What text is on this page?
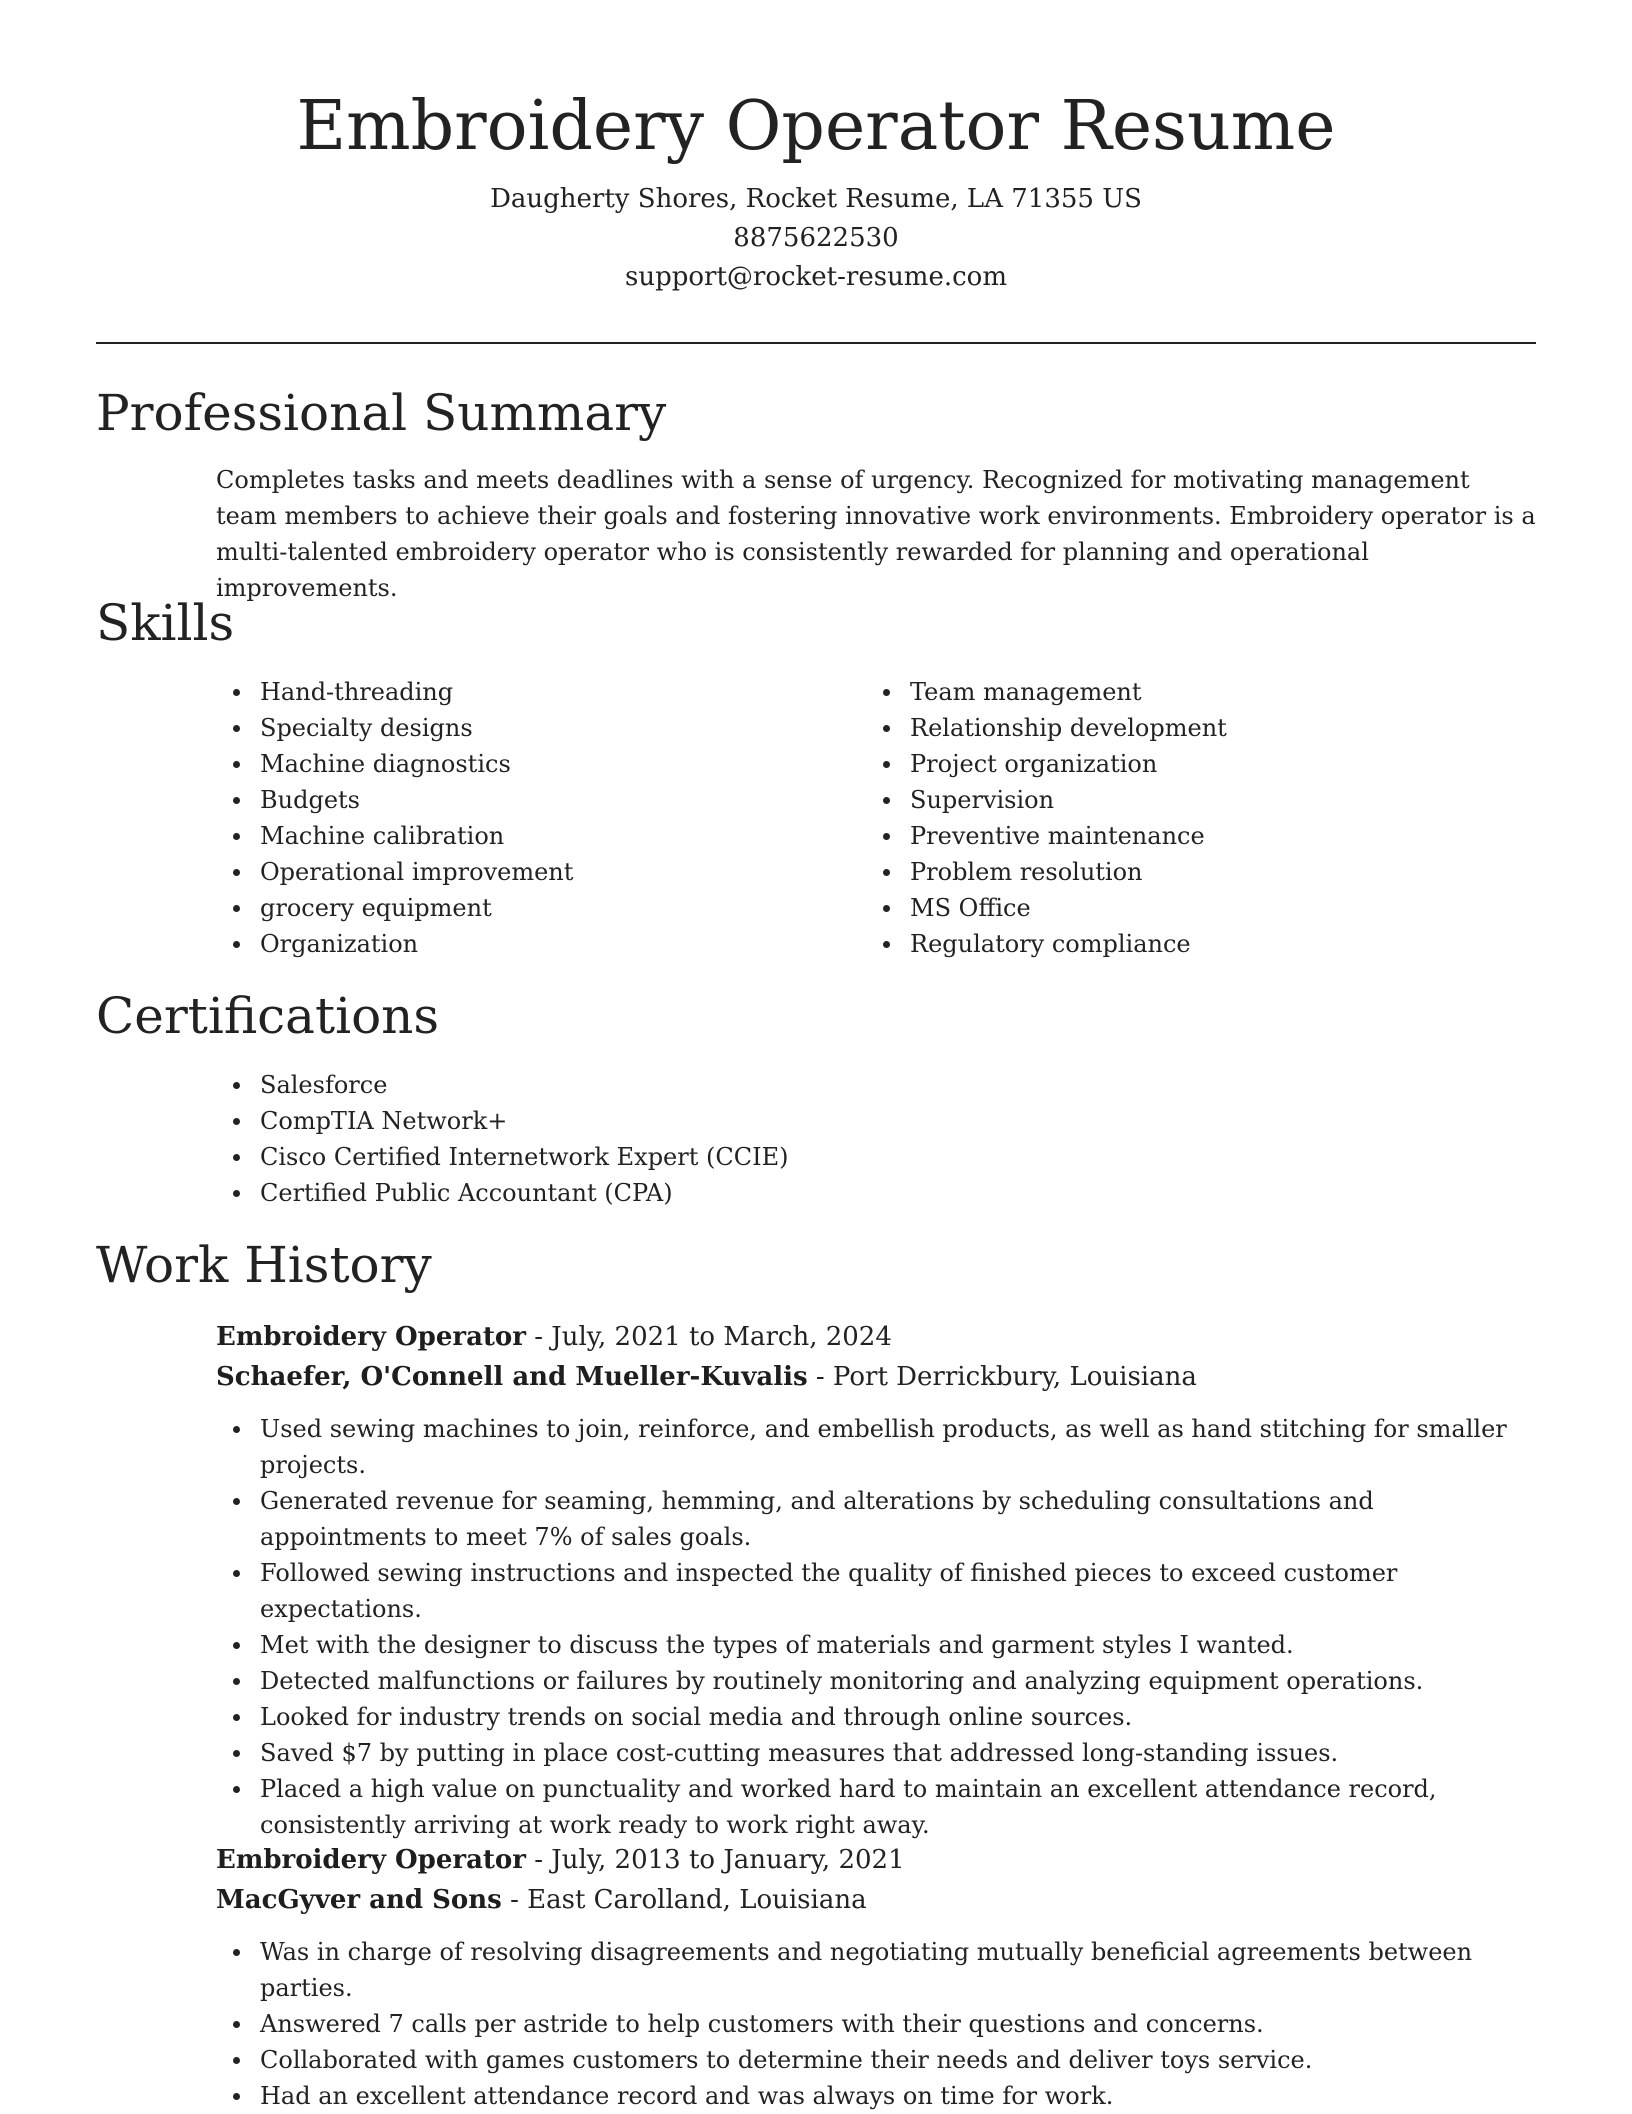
Embroidery Operator Resume
Daugherty Shores, Rocket Resume, LA 71355 US
8875622530
support@rocket-resume.com
Professional Summary

Completes tasks and meets deadlines with a sense of urgency. Recognized for motivating management team members to achieve their goals and fostering innovative work environments. Embroidery operator is a multi-talented embroidery operator who is consistently rewarded for planning and operational improvements.

Skills
Hand-threading
Specialty designs
Machine diagnostics
Budgets
Machine calibration
Operational improvement
grocery equipment
Organization
Team management
Relationship development
Project organization
Supervision
Preventive maintenance
Problem resolution
MS Office
Regulatory compliance
Certifications
Salesforce
CompTIA Network+
Cisco Certified Internetwork Expert (CCIE)
Certified Public Accountant (CPA)
Work History
Embroidery Operator - July, 2021 to March, 2024
Schaefer, O'Connell and Mueller-Kuvalis - Port Derrickbury, Louisiana
Used sewing machines to join, reinforce, and embellish products, as well as hand stitching for smaller projects.
Generated revenue for seaming, hemming, and alterations by scheduling consultations and appointments to meet 7% of sales goals.
Followed sewing instructions and inspected the quality of finished pieces to exceed customer expectations.
Met with the designer to discuss the types of materials and garment styles I wanted.
Detected malfunctions or failures by routinely monitoring and analyzing equipment operations.
Looked for industry trends on social media and through online sources.
Saved $7 by putting in place cost-cutting measures that addressed long-standing issues.
Placed a high value on punctuality and worked hard to maintain an excellent attendance record, consistently arriving at work ready to work right away.
Embroidery Operator - July, 2013 to January, 2021
MacGyver and Sons - East Carolland, Louisiana
Was in charge of resolving disagreements and negotiating mutually beneficial agreements between parties.
Answered 7 calls per astride to help customers with their questions and concerns.
Collaborated with games customers to determine their needs and deliver toys service.
Had an excellent attendance record and was always on time for work.
